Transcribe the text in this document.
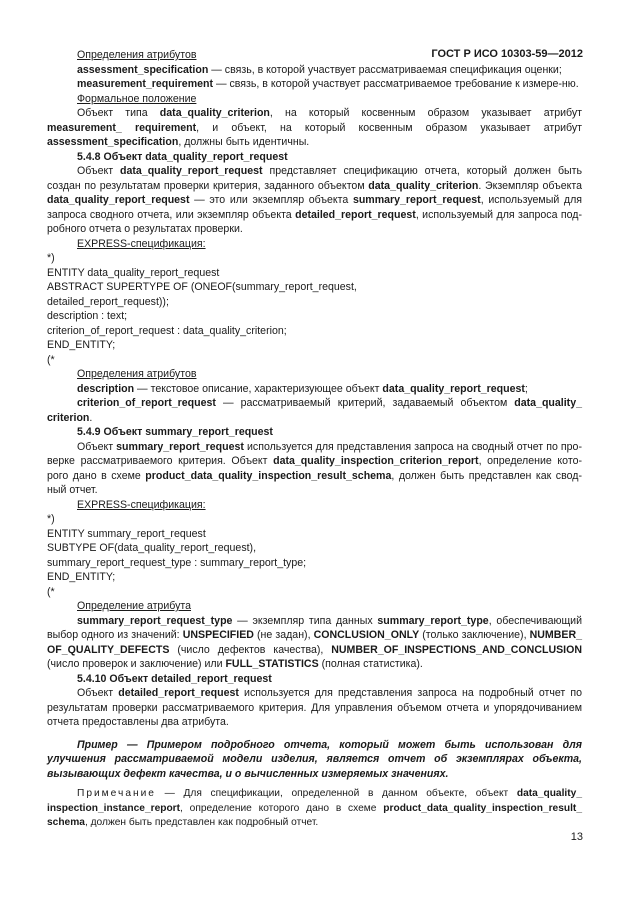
ГОСТ Р ИСО 10303-59—2012

Определения атрибутов

assessment_specification — связь, в которой участвует рассматриваемая спецификация оценки;

measurement_requirement — связь, в которой участвует рассматриваемое требование к измере-ню.

Формальное положение

Объект типа data_quality_criterion, на который косвенным образом указывает атрибут measurement_ requirement, и объект, на который косвенным образом указывает атрибут assessment_specification, должны быть идентичны.

5.4.8 Объект data_quality_report_request

Объект data_quality_report_request представляет спецификацию отчета, который должен быть создан по результатам проверки критерия, заданного объектом data_quality_criterion. Экземпляр объекта data_quality_report_request — это или экземпляр объекта summary_report_request, используемый для запроса сводного отчета, или экземпляр объекта detailed_report_request, используемый для запроса под-робного отчета о результатах проверки.

EXPRESS-спецификация:

*)

ENTITY data_quality_report_request

ABSTRACT SUPERTYPE OF (ONEOF(summary_report_request,

detailed_report_request));

description : text;

criterion_of_report_request : data_quality_criterion;

END_ENTITY;

(*

Определения атрибутов

description — текстовое описание, характеризующее объект data_quality_report_request;

criterion_of_report_request — рассматриваемый критерий, задаваемый объектом data_quality_ criterion.

5.4.9 Объект summary_report_request

Объект summary_report_request используется для представления запроса на сводный отчет по про-верке рассматриваемого критерия. Объект data_quality_inspection_criterion_report, определение кото-рого дано в схеме product_data_quality_inspection_result_schema, должен быть представлен как свод-ный отчет.

EXPRESS-спецификация:

*)

ENTITY summary_report_request

SUBTYPE OF(data_quality_report_request),

summary_report_request_type : summary_report_type;

END_ENTITY;

(*

Определение атрибута

summary_report_request_type — экземпляр типа данных summary_report_type, обеспечивающий выбор одного из значений: UNSPECIFIED (не задан), CONCLUSION_ONLY (только заключение), NUMBER_ OF_QUALITY_DEFECTS (число дефектов качества), NUMBER_OF_INSPECTIONS_AND_CONCLUSION (число проверок и заключение) или FULL_STATISTICS (полная статистика).

5.4.10 Объект detailed_report_request

Объект detailed_report_request используется для представления запроса на подробный отчет по результатам проверки рассматриваемого критерия. Для управления объемом отчета и упорядочиванием отчета предоставлены два атрибута.

Пример — Примером подробного отчета, который может быть использован для улучшения рассматриваемой модели изделия, является отчет об экземплярах объекта, вызывающих дефект качества, и о вычисленных измеряемых значениях.

Примечание — Для спецификации, определенной в данном объекте, объект data_quality_ inspection_instance_report, определение которого дано в схеме product_data_quality_inspection_result_ schema, должен быть представлен как подробный отчет.

13
